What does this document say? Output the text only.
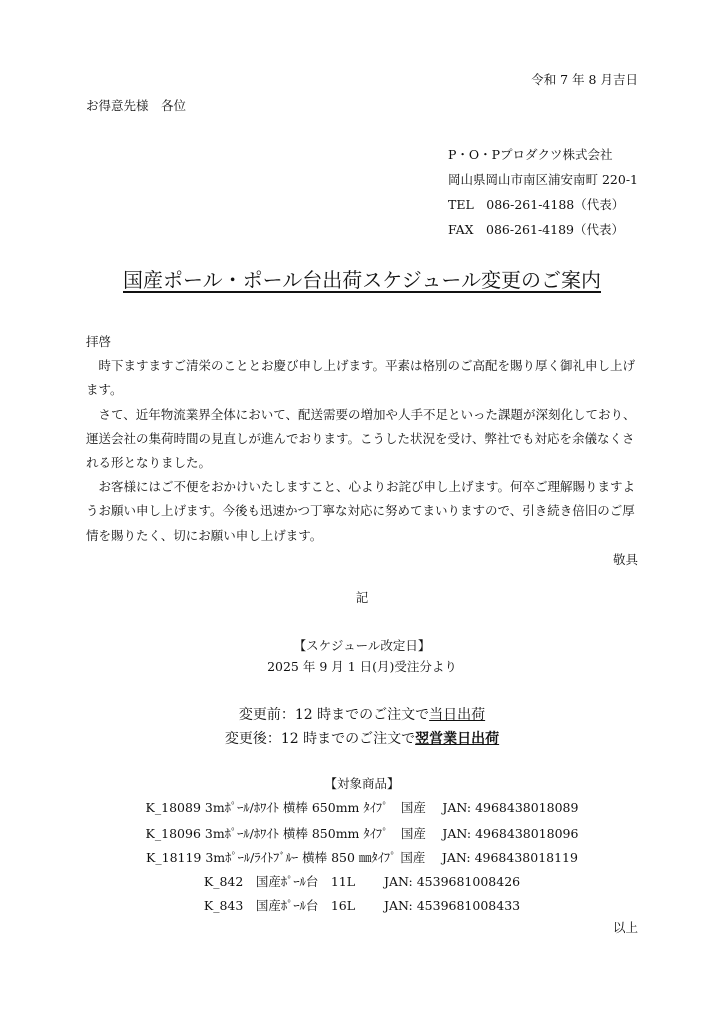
令和 7 年 8 月吉日
お得意先様　各位
P・O・Pプロダクツ株式会社
岡山県岡山市南区浦安南町 220-1
TEL　086-261-4188（代表）
FAX　086-261-4189（代表）
国産ポール・ポール台出荷スケジュール変更のご案内

拝啓

時下ますますご清栄のこととお慶び申し上げます。平素は格別のご高配を賜り厚く御礼申し上げます。

さて、近年物流業界全体において、配送需要の増加や人手不足といった課題が深刻化しており、運送会社の集荷時間の見直しが進んでおります。こうした状況を受け、弊社でも対応を余儀なくされる形となりました。

お客様にはご不便をおかけいたしますこと、心よりお詫び申し上げます。何卒ご理解賜りますようお願い申し上げます。今後も迅速かつ丁寧な対応に努めてまいりますので、引き続き倍旧のご厚情を賜りたく、切にお願い申し上げます。

敬具

記
【スケジュール改定日】
2025 年 9 月 1 日(月)受注分より
変更前：12 時までのご注文で当日出荷
変更後：12 時までのご注文で翌営業日出荷
【対象商品】
K_18089 3mﾎﾟｰﾙ/ﾎﾜｲﾄ 横棒 650mm ﾀｲﾌﾟ　国産　 JAN: 4968438018089
K_18096 3mﾎﾟｰﾙ/ﾎﾜｲﾄ 横棒 850mm ﾀｲﾌﾟ　国産　 JAN: 4968438018096
K_18119 3mﾎﾟｰﾙ/ﾗｲﾄﾌﾞﾙｰ 横棒 850 ㎜ﾀｲﾌﾟ 国産　 JAN: 4968438018119
K_842　国産ﾎﾟｰﾙ台　11L　　 JAN: 4539681008426
K_843　国産ﾎﾟｰﾙ台　16L　　 JAN: 4539681008433
以上
